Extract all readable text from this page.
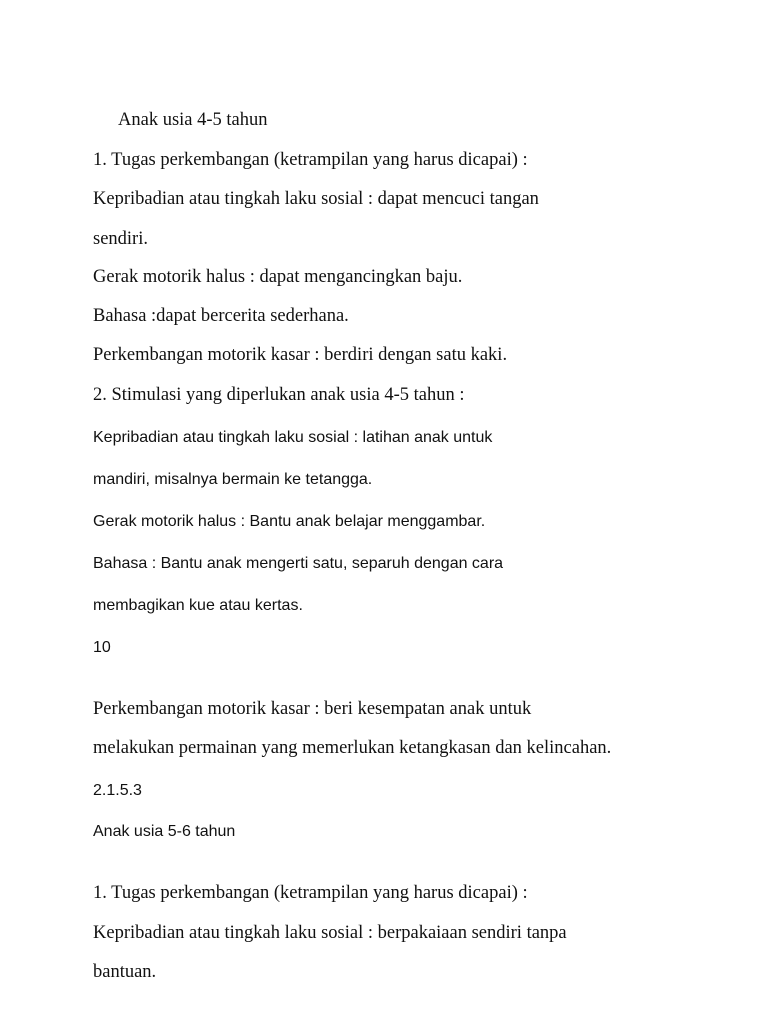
Anak usia 4-5 tahun
1. Tugas perkembangan (ketrampilan yang harus dicapai) :
Kepribadian atau tingkah laku sosial : dapat mencuci tangan
sendiri.
Gerak motorik halus : dapat mengancingkan baju.
Bahasa :dapat bercerita sederhana.
Perkembangan motorik kasar : berdiri dengan satu kaki.
2. Stimulasi yang diperlukan anak usia 4-5 tahun :
Kepribadian atau tingkah laku sosial : latihan anak untuk
mandiri, misalnya bermain ke tetangga.
Gerak motorik halus : Bantu anak belajar menggambar.
Bahasa : Bantu anak mengerti satu, separuh dengan cara
membagikan kue atau kertas.
10
Perkembangan motorik kasar : beri kesempatan anak untuk
melakukan permainan yang memerlukan ketangkasan dan kelincahan.
2.1.5.3
Anak usia 5-6 tahun
1. Tugas perkembangan (ketrampilan yang harus dicapai) :
Kepribadian atau tingkah laku sosial : berpakaiaan sendiri tanpa
bantuan.
